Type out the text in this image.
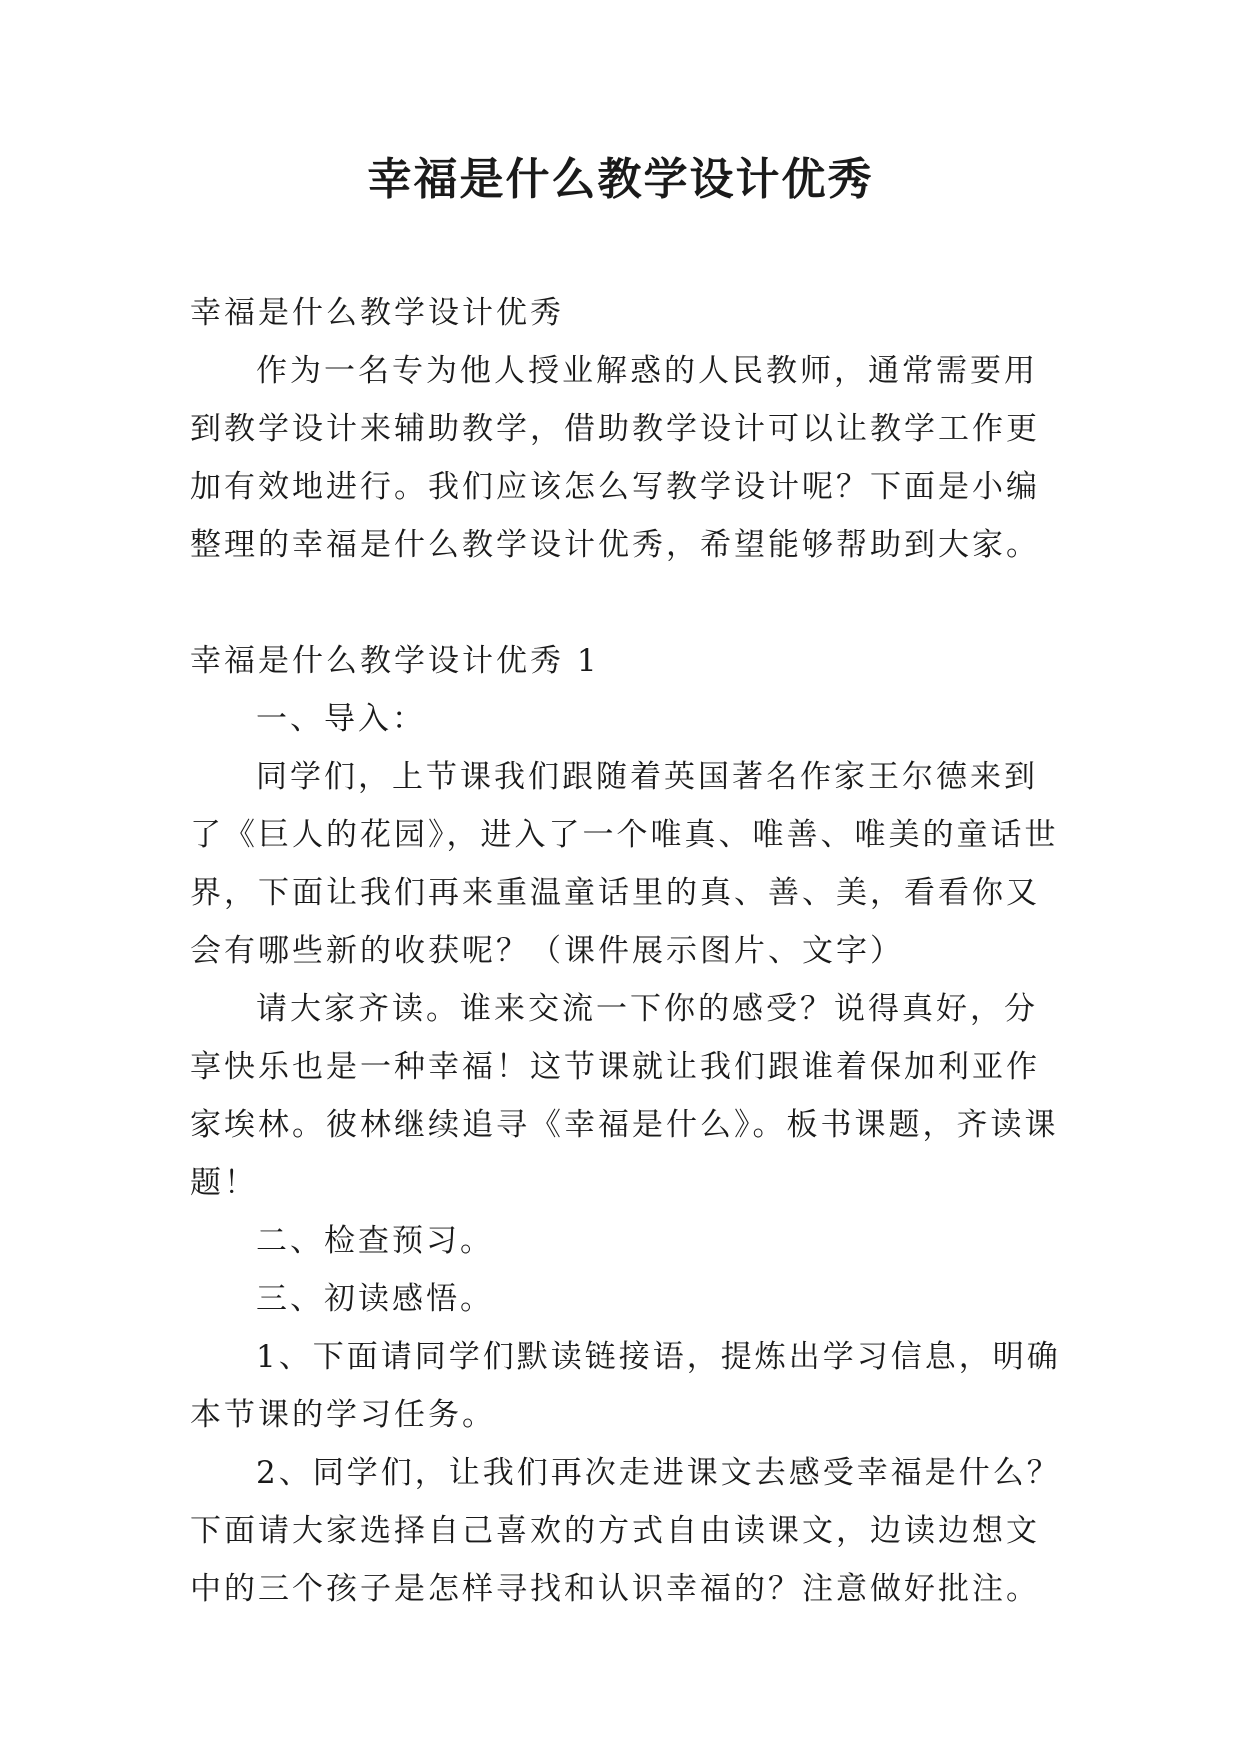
幸福是什么教学设计优秀

幸福是什么教学设计优秀

作为一名专为他人授业解惑的人民教师，通常需要用到教学设计来辅助教学，借助教学设计可以让教学工作更加有效地进行。我们应该怎么写教学设计呢？下面是小编整理的幸福是什么教学设计优秀，希望能够帮助到大家。

幸福是什么教学设计优秀 1

一、导入：

同学们，上节课我们跟随着英国著名作家王尔德来到了《巨人的花园》，进入了一个唯真、唯善、唯美的童话世界，下面让我们再来重温童话里的真、善、美，看看你又会有哪些新的收获呢？（课件展示图片、文字）

请大家齐读。谁来交流一下你的感受？说得真好，分享快乐也是一种幸福！这节课就让我们跟谁着保加利亚作家埃林。彼林继续追寻《幸福是什么》。板书课题，齐读课题！

二、检查预习。

三、初读感悟。

1、下面请同学们默读链接语，提炼出学习信息，明确本节课的学习任务。

2、同学们，让我们再次走进课文去感受幸福是什么？下面请大家选择自己喜欢的方式自由读课文，边读边想文中的三个孩子是怎样寻找和认识幸福的？注意做好批注。
